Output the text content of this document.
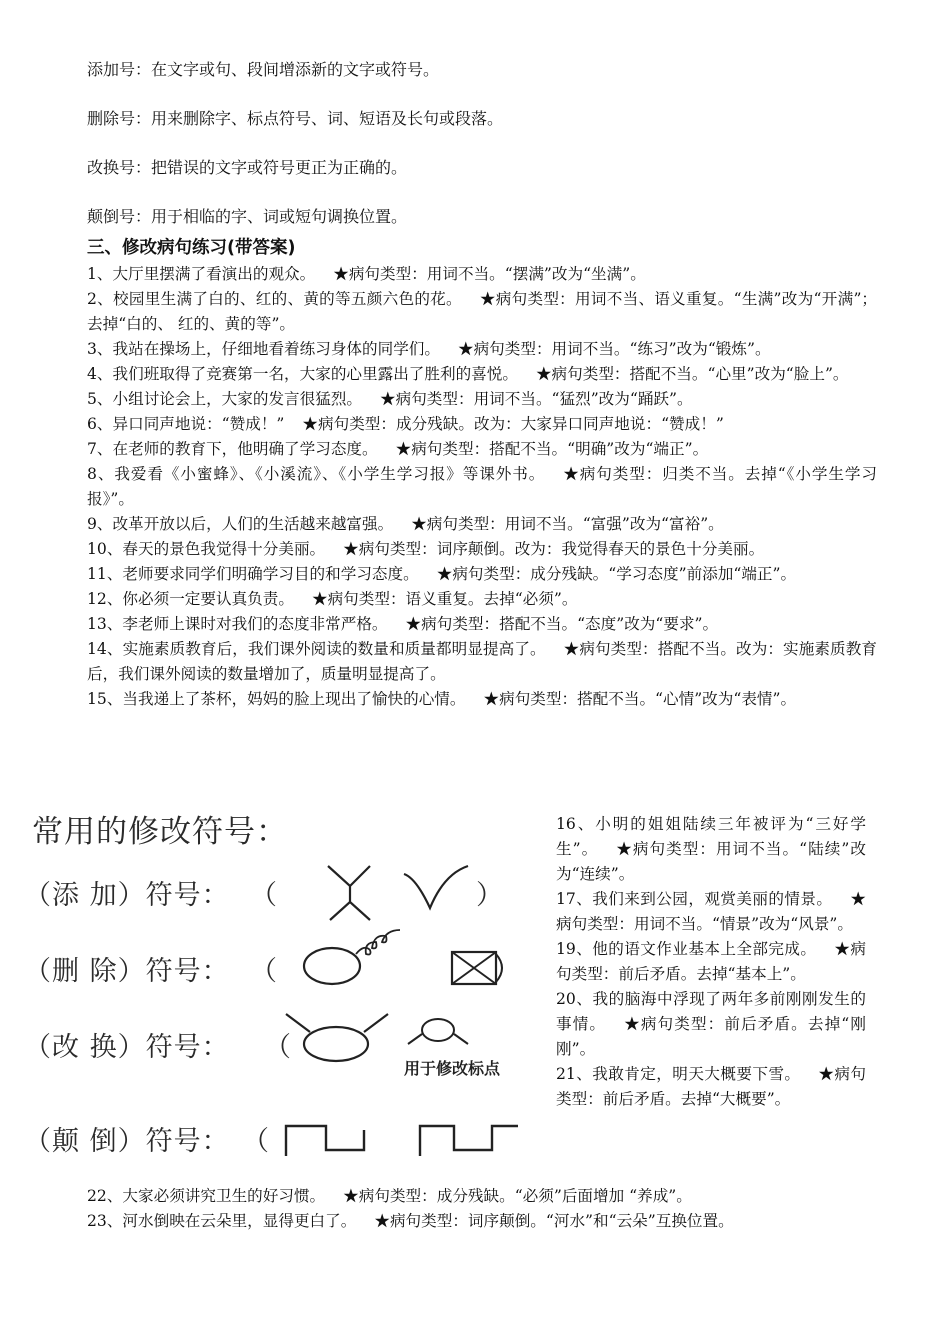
添加号：在文字或句、段间增添新的文字或符号。

删除号：用来删除字、标点符号、词、短语及长句或段落。

改换号：把错误的文字或符号更正为正确的。

颠倒号：用于相临的字、词或短句调换位置。

三、修改病句练习(带答案)

1、大厅里摆满了看演出的观众。 ★病句类型：用词不当。“摆满”改为“坐满”。

2、校园里生满了白的、红的、黄的等五颜六色的花。 ★病句类型：用词不当、语义重复。“生满”改为“开满”；去掉“白的、 红的、黄的等”。

3、我站在操场上，仔细地看着练习身体的同学们。 ★病句类型：用词不当。“练习”改为“锻炼”。

4、我们班取得了竞赛第一名，大家的心里露出了胜利的喜悦。 ★病句类型：搭配不当。“心里”改为“脸上”。

5、小组讨论会上，大家的发言很猛烈。 ★病句类型：用词不当。“猛烈”改为“踊跃”。

6、异口同声地说：“赞成！” ★病句类型：成分残缺。改为：大家异口同声地说：“赞成！”

7、在老师的教育下，他明确了学习态度。 ★病句类型：搭配不当。“明确”改为“端正”。

8、我爱看《小蜜蜂》、《小溪流》、《小学生学习报》等课外书。 ★病句类型：归类不当。去掉“《小学生学习报》”。

9、改革开放以后，人们的生活越来越富强。 ★病句类型：用词不当。“富强”改为“富裕”。

10、春天的景色我觉得十分美丽。 ★病句类型：词序颠倒。改为：我觉得春天的景色十分美丽。

11、老师要求同学们明确学习目的和学习态度。 ★病句类型：成分残缺。“学习态度”前添加“端正”。

12、你必须一定要认真负责。 ★病句类型：语义重复。去掉“必须”。

13、李老师上课时对我们的态度非常严格。 ★病句类型：搭配不当。“态度”改为“要求”。

14、实施素质教育后，我们课外阅读的数量和质量都明显提高了。 ★病句类型：搭配不当。改为：实施素质教育后，我们课外阅读的数量增加了，质量明显提高了。

15、当我递上了茶杯，妈妈的脸上现出了愉快的心情。 ★病句类型：搭配不当。“心情”改为“表情”。

常用的修改符号：

（添 加）符号： （	）

（删 除）符号： （

（改 换）符号： （

用于修改标点

（颠 倒）符号： （

16、小明的姐姐陆续三年被评为“三好学生”。 ★病句类型：用词不当。“陆续”改为“连续”。

17、我们来到公园，观赏美丽的情景。 ★病句类型：用词不当。“情景”改为“风景”。

19、他的语文作业基本上全部完成。 ★病句类型：前后矛盾。去掉“基本上”。

20、我的脑海中浮现了两年多前刚刚发生的事情。 ★病句类型：前后矛盾。去掉“刚刚”。

21、我敢肯定，明天大概要下雪。 ★病句类型：前后矛盾。去掉“大概要”。

22、大家必须讲究卫生的好习惯。 ★病句类型：成分残缺。“必须”后面增加 “养成”。

23、河水倒映在云朵里，显得更白了。 ★病句类型：词序颠倒。“河水”和“云朵”互换位置。
